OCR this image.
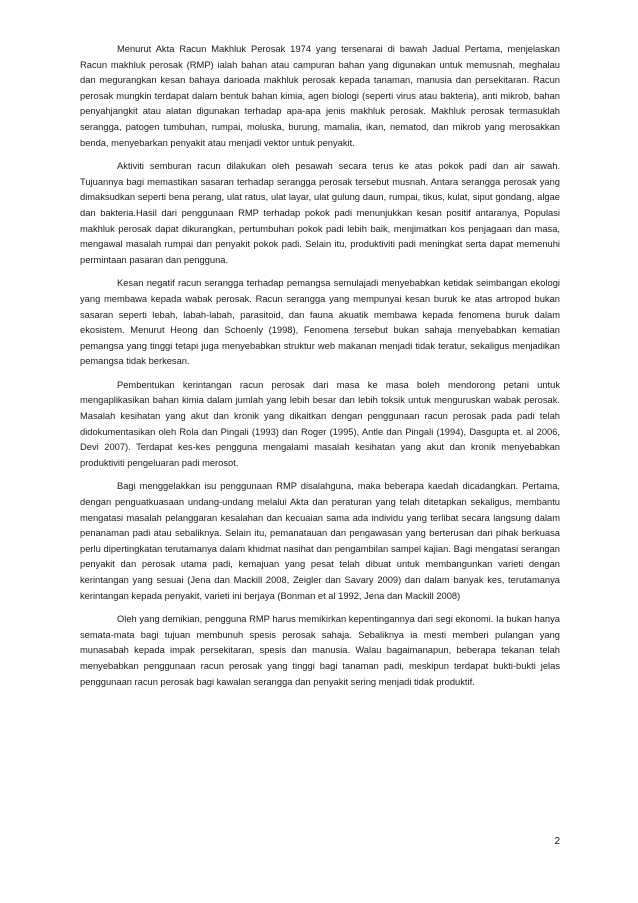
Menurut Akta Racun Makhluk Perosak 1974 yang tersenarai di bawah Jadual Pertama, menjelaskan Racun makhluk perosak (RMP) ialah bahan atau campuran bahan yang digunakan untuk memusnah, meghalau dan megurangkan kesan bahaya darioada makhluk perosak kepada tanaman, manusia dan persekitaran. Racun perosak mungkin terdapat dalam bentuk bahan kimia, agen biologi (seperti virus atau bakteria), anti mikrob, bahan penyahjangkit atau alatan digunakan terhadap apa-apa jenis makhluk perosak. Makhluk perosak termasuklah serangga, patogen tumbuhan, rumpai, moluska, burung, mamalia, ikan, nematod, dan mikrob yang merosakkan benda, menyebarkan penyakit atau menjadi vektor untuk penyakit.

Aktiviti semburan racun dilakukan oleh pesawah secara terus ke atas pokok padi dan air sawah. Tujuannya bagi memastikan sasaran terhadap serangga perosak tersebut musnah. Antara serangga perosak yang dimaksudkan seperti bena perang, ulat ratus, ulat layar, ulat gulung daun, rumpai, tikus, kulat, siput gondang, algae dan bakteria.Hasil dari penggunaan RMP terhadap pokok padi menunjukkan kesan positif antaranya, Populasi makhluk perosak dapat dikurangkan, pertumbuhan pokok padi lebih baik, menjimatkan kos penjagaan dan masa, mengawal masalah rumpai dan penyakit pokok padi. Selain itu, produktiviti padi meningkat serta dapat memenuhi permintaan pasaran dan pengguna.

Kesan negatif racun serangga terhadap pemangsa semulajadi menyebabkan ketidak seimbangan ekologi yang membawa kepada wabak perosak. Racun serangga yang mempunyai kesan buruk ke atas artropod bukan sasaran seperti lebah, labah-labah, parasitoid, dan fauna akuatik membawa kepada fenomena buruk dalam ekosistem. Menurut Heong dan Schoenly (1998), Fenomena tersebut bukan sahaja menyebabkan kematian pemangsa yang tinggi tetapi juga menyebabkan struktur web makanan menjadi tidak teratur, sekaligus menjadikan pemangsa tidak berkesan.

Pembentukan kerintangan racun perosak dari masa ke masa boleh mendorong petani untuk mengaplikasikan bahan kimia dalam jumlah yang lebih besar dan lebih toksik untuk menguruskan wabak perosak. Masalah kesihatan yang akut dan kronik yang dikaitkan dengan penggunaan racun perosak pada padi telah didokumentasikan oleh Rola dan Pingali (1993) dan Roger (1995), Antle dan Pingali (1994), Dasgupta et. al 2006, Devi 2007). Terdapat kes-kes pengguna mengalami masalah kesihatan yang akut dan kronik menyebabkan produktiviti pengeluaran padi merosot.

Bagi menggelakkan isu penggunaan RMP disalahguna, maka beberapa kaedah dicadangkan. Pertama, dengan penguatkuasaan undang-undang melalui Akta dan peraturan yang telah ditetapkan sekaligus, membantu mengatasi masalah pelanggaran kesalahan dan kecuaian sama ada individu yang terlibat secara langsung dalam penanaman padi atau sebaliknya. Selain itu, pemanatauan dan pengawasan yang berterusan dari pihak berkuasa perlu dipertingkatan terutamanya dalam khidmat nasihat dan pengambilan sampel kajian. Bagi mengatasi serangan penyakit dan perosak utama padi, kemajuan yang pesat telah dibuat untuk membangunkan varieti dengan kerintangan yang sesuai (Jena dan Mackill 2008, Zeigler dan Savary 2009) dan dalam banyak kes, terutamanya kerintangan kepada penyakit, varieti ini berjaya (Bonman et al 1992, Jena dan Mackill 2008)

Oleh yang demikian, pengguna RMP harus memikirkan kepentingannya dari segi ekonomi. Ia bukan hanya semata-mata bagi tujuan membunuh spesis perosak sahaja. Sebaliknya ia mesti memberi pulangan yang munasabah kepada impak persekitaran, spesis dan manusia. Walau bagaimanapun, beberapa tekanan telah menyebabkan penggunaan racun perosak yang tinggi bagi tanaman padi, meskipun terdapat bukti-bukti jelas penggunaan racun perosak bagi kawalan serangga dan penyakit sering menjadi tidak produktif.

2
